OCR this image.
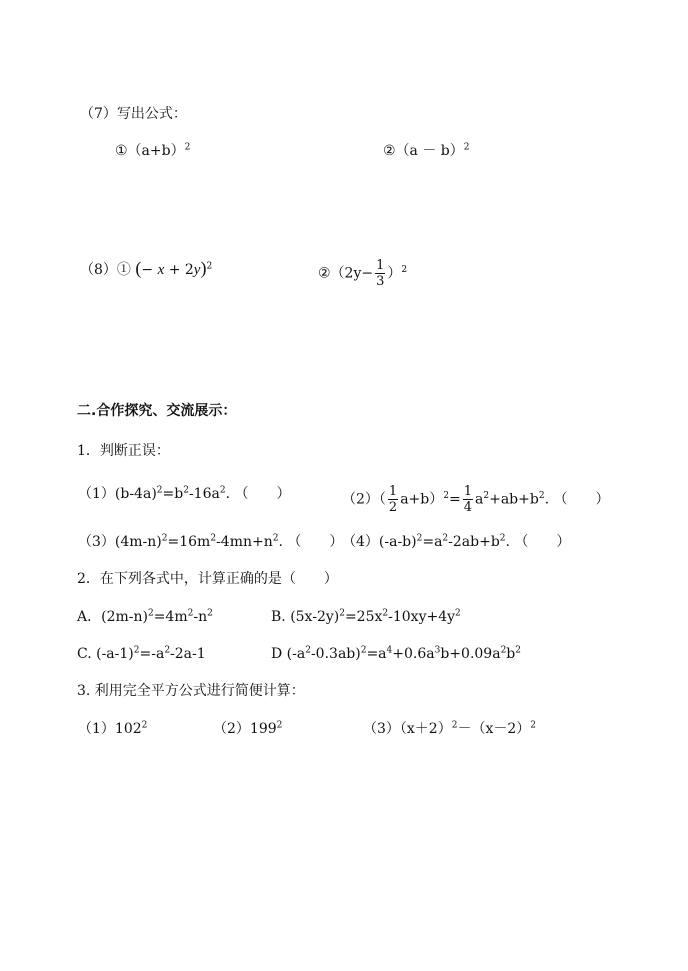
（7）写出公式：
$①(a+b)^2$	②（a － b）$^2$
（8）① (− x + 2y)$^2$	②（2y− $\frac{1}{3} )^2$
二.合作探究、交流展示：
1．判断正误：
$(1)(b-4a)^2=b^2-16a^2$. （　　）	$(2)( \frac{1}{2} a+b)^2= \frac{1}{4} a^2+ab+b^2$. （　　）
$(3)(4m-n)^2=16m^2-4mn+n^2$. （　　）
$(4)(-a-b)^2=a^2-2ab+b^2$. （　　）
2．在下列各式中，计算正确的是（　　）
A．$(2m-n)^2=4m^2-n^2$	B. $(5x-2y)^2=25x^2-10xy+4y^2$
C. $(-a-1)^2=-a^2-2a-1$	D $(-a^2-0.3ab)^2=a^4+0.6a^3b+0.09a^2b^2$
3. 利用完全平方公式进行简便计算：
$(1)102^2$	$(2)199^2$	$(3)(x+2)^2-(x-2)^2$
